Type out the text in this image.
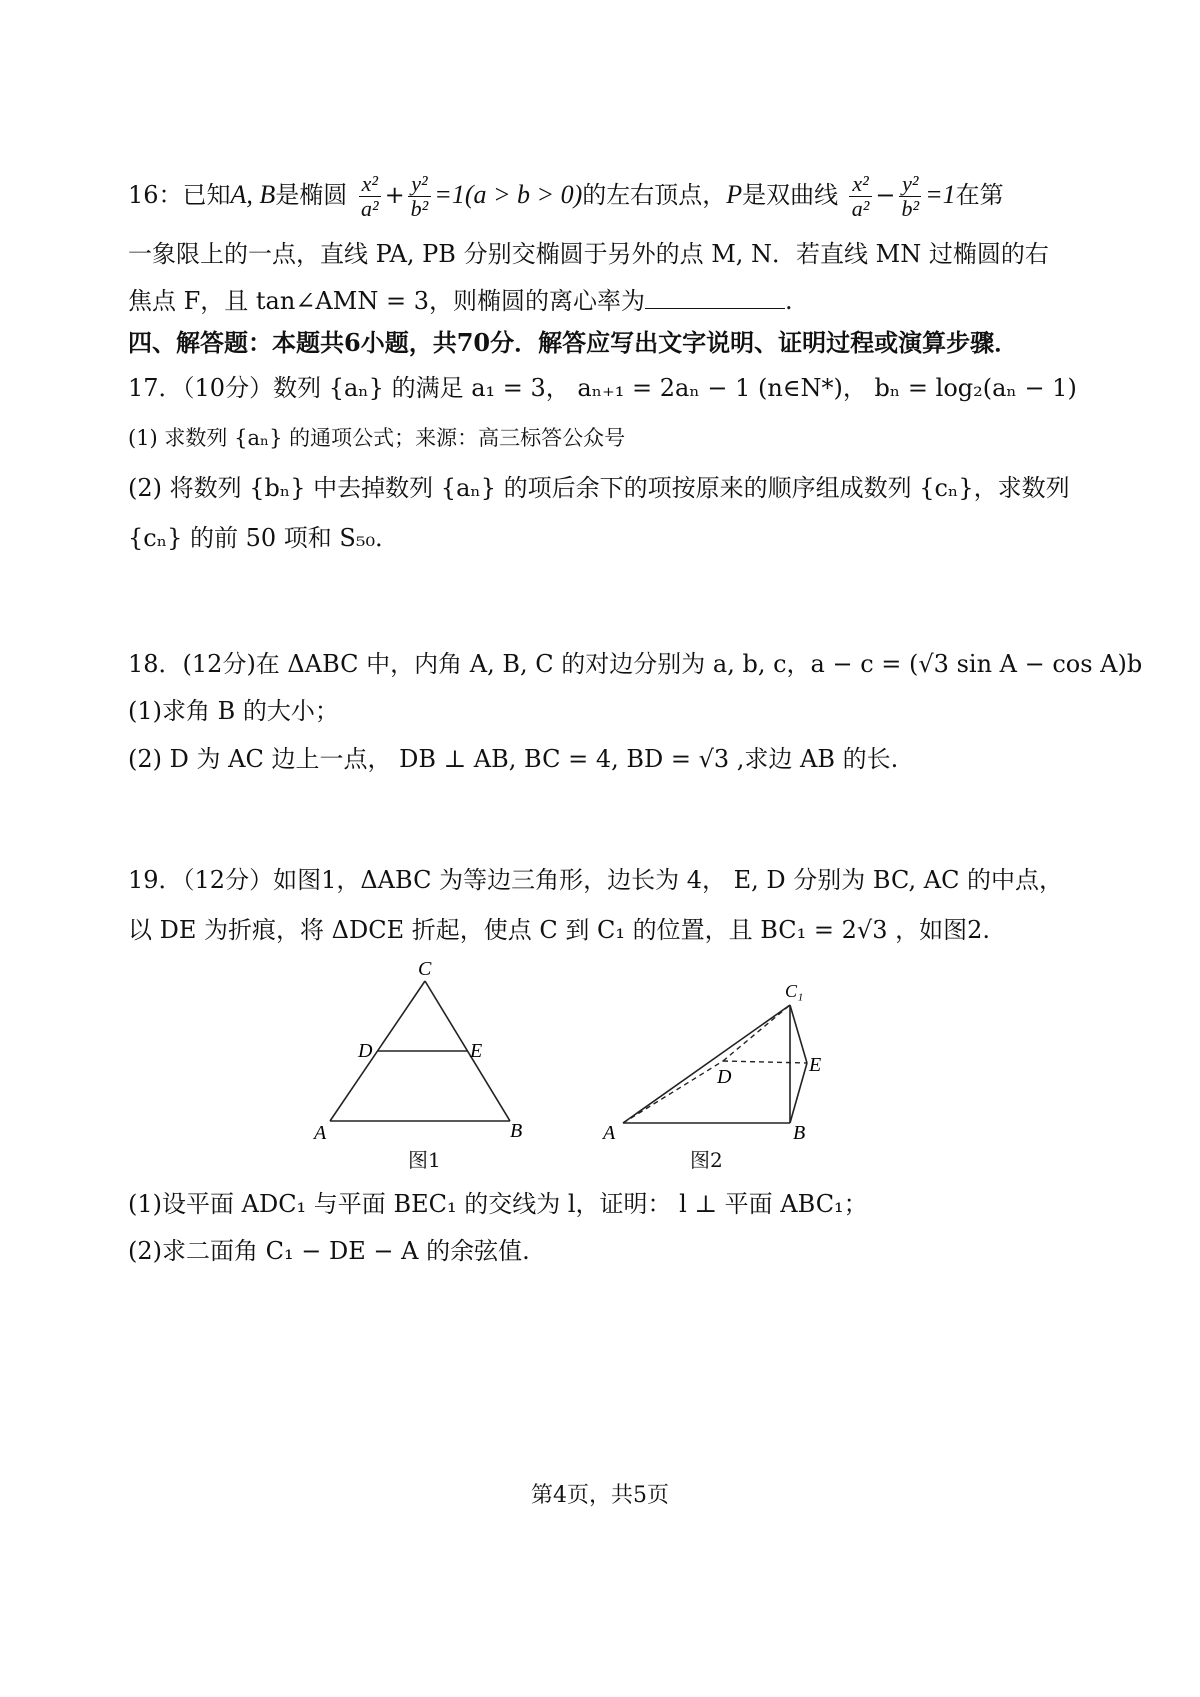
16：已知A, B是椭圆 $\frac{\text{x²}}{\text{a²}} + \frac{\text{y²}}{\text{b²}} =1(a > b > 0)$的左右顶点，P是双曲线 $\frac{\text{x²}}{\text{a²}} - \frac{\text{y²}}{\text{b²}} =1$在第
一象限上的一点，直线 PA, PB 分别交椭圆于另外的点 M, N．若直线 MN 过椭圆的右
焦点 F，且 tan∠AMN = 3，则椭圆的离心率为	.
四、解答题：本题共6小题，共70分．解答应写出文字说明、证明过程或演算步骤．
17．（10分）数列 {aₙ} 的满足 a₁ = 3， aₙ₊₁ = 2aₙ − 1 (n∈N*)， bₙ = log₂(aₙ − 1)
(1) 求数列 {aₙ} 的通项公式；来源：高三标答公众号
(2) 将数列 {bₙ} 中去掉数列 {aₙ} 的项后余下的项按原来的顺序组成数列 {cₙ}，求数列
{cₙ} 的前 50 项和 S₅₀．
18．(12分)在 ΔABC 中，内角 A, B, C 的对边分别为 a, b, c，a − c = (√3 sin A − cos A)b
(1)求角 B 的大小；
(2) D 为 AC 边上一点， DB ⊥ AB, BC = 4, BD = √3 ,求边 AB 的长.
19．（12分）如图1，ΔABC 为等边三角形，边长为 4， E, D 分别为 BC, AC 的中点，
以 DE 为折痕，将 ΔDCE 折起，使点 C 到 C₁ 的位置，且 BC₁ = 2√3 ，如图2.
C
D	E
A	B
图1
C₁
D
E
A	B
图2
(1)设平面 ADC₁ 与平面 BEC₁ 的交线为 l，证明： l ⊥ 平面 ABC₁；
(2)求二面角 C₁ − DE − A 的余弦值.
第4页，共5页
